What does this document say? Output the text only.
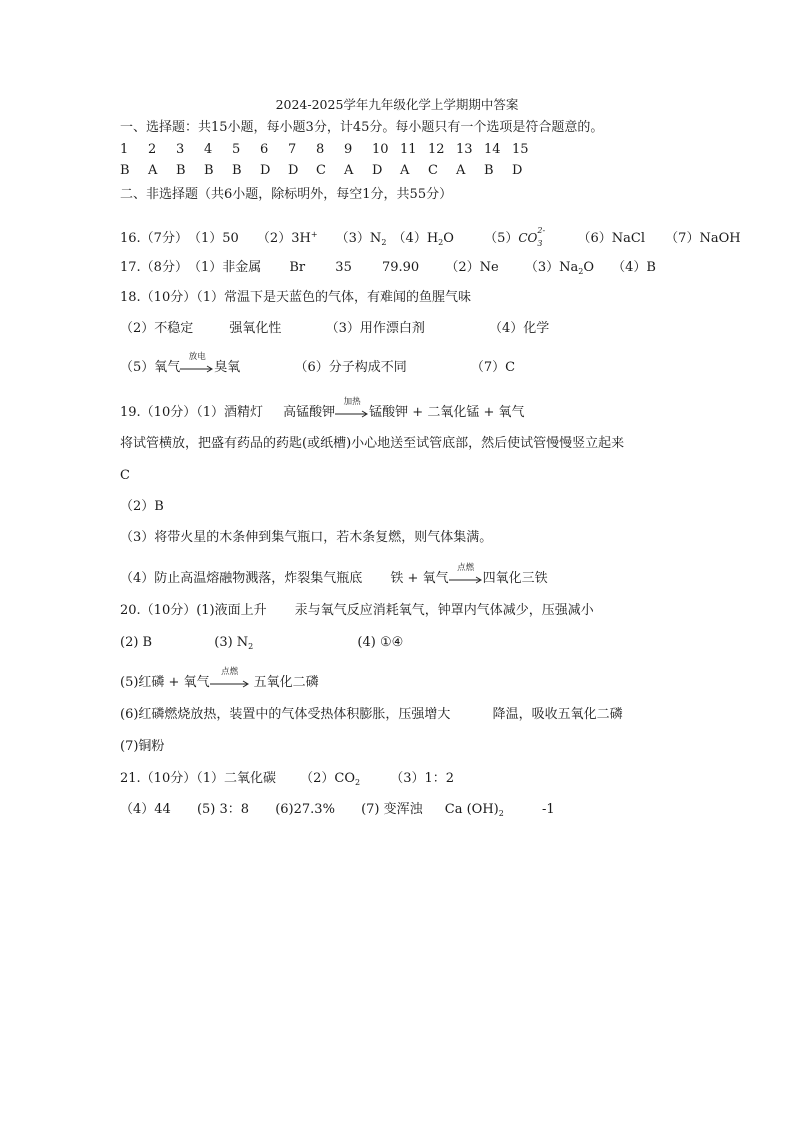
2024-2025学年九年级化学上学期期中答案
一、选择题：共15小题，每小题3分，计45分。每小题只有一个选项是符合题意的。
1 2 3 4 5 6 7 8 9 10 11 12 13 14 15
B A B B B D D C A D A C A B D
二、非选择题（共6小题，除标明外，每空1分，共55分）
16.（7分）（1）50 （2）3H+ $(3)N_2$ $(4)H_2O$ （5）CO
2-
3	（6）NaCl （7）NaOH
17.（8分）（1）非金属 Br 35 79.90 （2）Ne $(3)Na_2O$ （4）B
18.（10分）（1）常温下是天蓝色的气体，有难闻的鱼腥气味
（2）不稳定	强氧化性	（3）用作漂白剂	（4）化学
（5）氧气
放电
臭氧	（6）分子构成不同	（7）C
19.（10分）（1）酒精灯 高锰酸钾
加热
锰酸钾 + 二氧化锰 + 氧气
将试管横放，把盛有药品的药匙(或纸槽)小心地送至试管底部，然后使试管慢慢竖立起来
C
（2）B
（3）将带火星的木条伸到集气瓶口，若木条复燃，则气体集满。
（4）防止高温熔融物溅落，炸裂集气瓶底 铁 + 氧气
点燃
四氧化三铁
20.（10分）(1)液面上升 汞与氧气反应消耗氧气，钟罩内气体减少，压强减小
(2) B	(3) $N_2$	(4) ①④
(5)红磷 + 氧气
点燃
五氧化二磷
(6)红磷燃烧放热，装置中的气体受热体积膨胀，压强增大	降温，吸收五氧化二磷
(7)铜粉
21.（10分）（1）二氧化碳 $(2)CO_2$ （3）1：2
（4）44 (5) 3：8 (6)27.3% (7) 变浑浊 Ca $(OH)_2$	-1
